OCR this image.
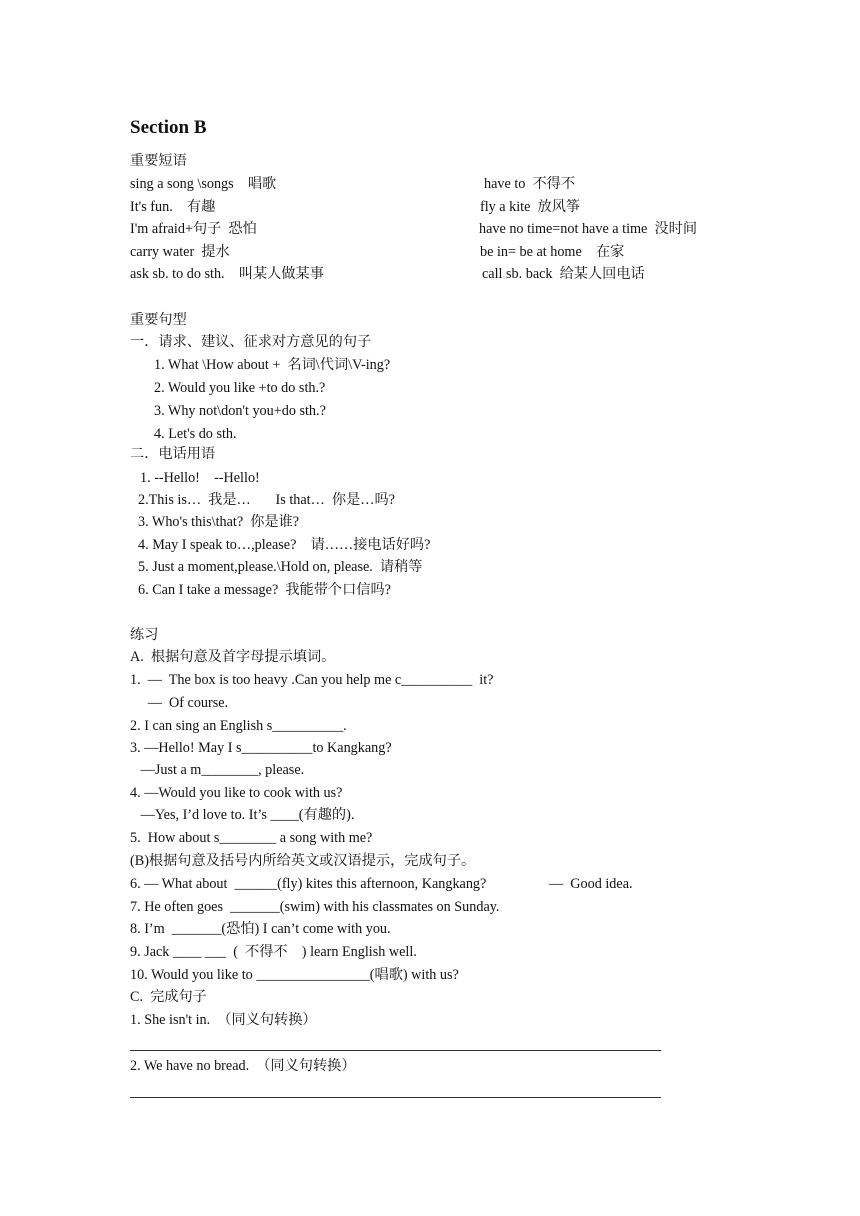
Section B
重要短语
sing a song \songs    唱歌	have to  不得不
It's fun.    有趣	fly a kite  放风筝
I'm afraid+句子  恐怕	have no time=not have a time  没时间
carry water  提水	be in= be at home    在家
ask sb. to do sth.    叫某人做某事	call sb. back  给某人回电话
重要句型
一．请求、建议、征求对方意见的句子
1. What \How about +  名词\代词\V-ing?
2. Would you like +to do sth.?
3. Why not\don't you+do sth.?
4. Let's do sth.
二．电话用语
1. --Hello!    --Hello!
2.This is…  我是…       Is that…  你是…吗?
3. Who's this\that?  你是谁?
4. May I speak to…,please?    请……接电话好吗?
5. Just a moment,please.\Hold on, please.  请稍等
6. Can I take a message?  我能带个口信吗?
练习
A.  根据句意及首字母提示填词。
1.  —  The box is too heavy .Can you help me c__________  it?
—  Of course.
2. I can sing an English s__________.
3. —Hello! May I s__________to Kangkang?
—Just a m________, please.
4. —Would you like to cook with us?
—Yes, I’d love to. It’s ____(有趣的).
5.  How about s________ a song with me?
(B)根据句意及括号内所给英文或汉语提示，完成句子。
6. — What about  ______(fly) kites this afternoon, Kangkang?	—  Good idea.
7. He often goes  _______(swim) with his classmates on Sunday.
8. I’m  _______(恐怕) I can’t come with you.
9. Jack ____ ___  (  不得不    ) learn English well.
10. Would you like to ________________(唱歌) with us?
C.  完成句子
1. She isn't in.  （同义句转换）
2. We have no bread.  （同义句转换）
